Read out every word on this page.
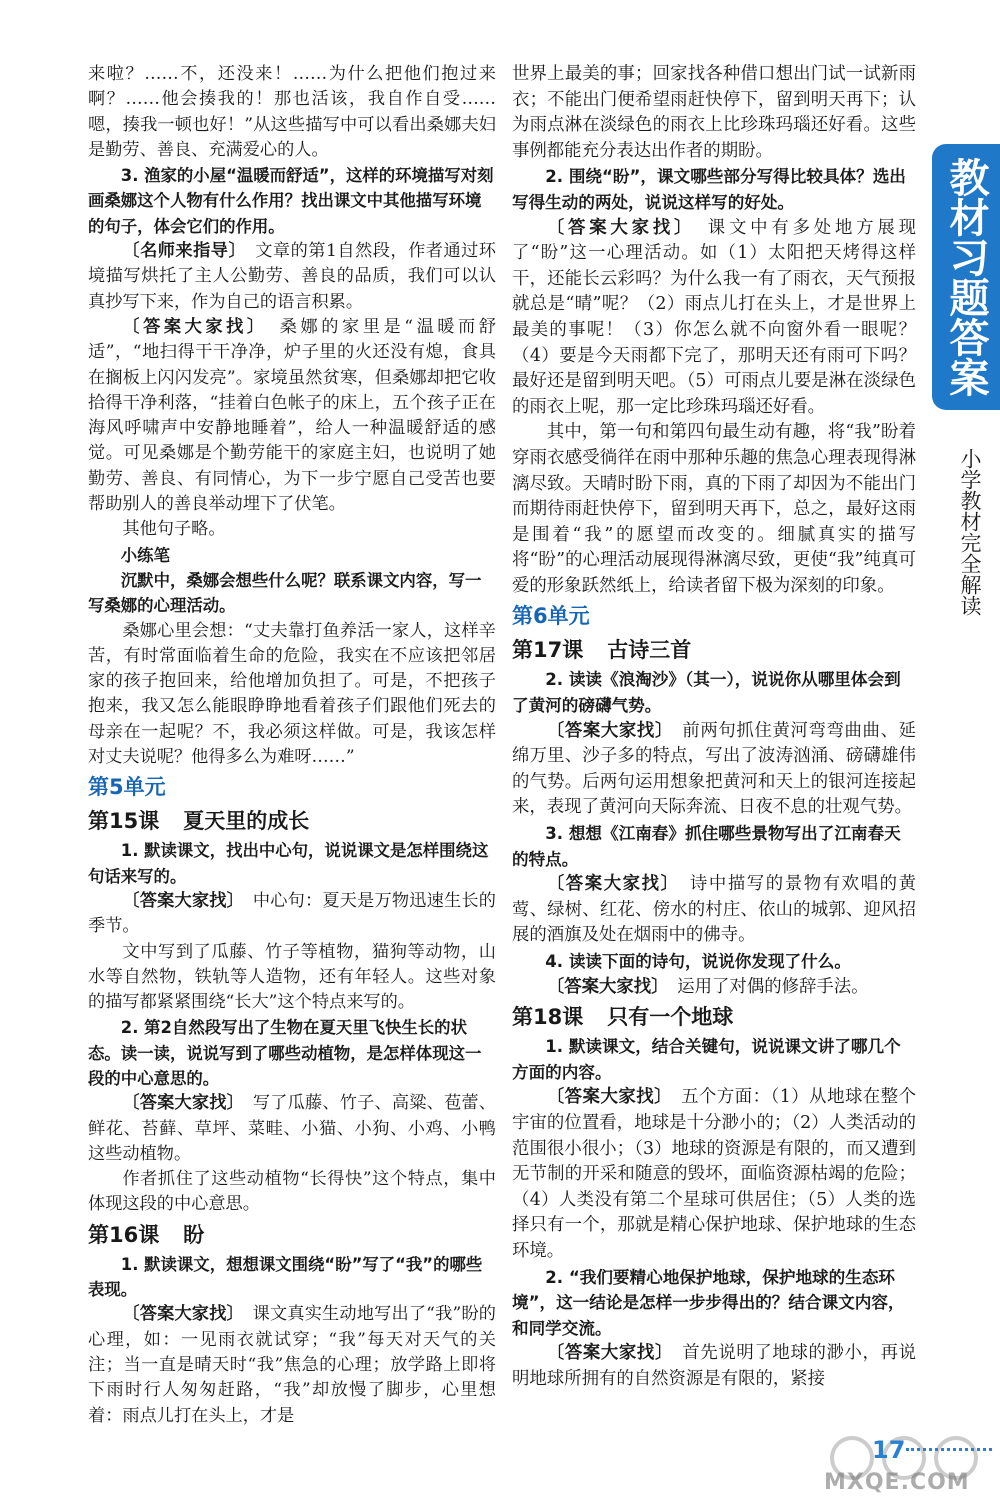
来啦？……不，还没来！……为什么把他们抱过来啊？……他会揍我的！那也活该，我自作自受……嗯，揍我一顿也好！”从这些描写中可以看出桑娜夫妇是勤劳、善良、充满爱心的人。

3. 渔家的小屋“温暖而舒适”，这样的环境描写对刻画桑娜这个人物有什么作用？找出课文中其他描写环境的句子，体会它们的作用。

〔名师来指导〕  文章的第1自然段，作者通过环境描写烘托了主人公勤劳、善良的品质，我们可以认真抄写下来，作为自己的语言积累。

〔答案大家找〕  桑娜的家里是“温暖而舒适”，“地扫得干干净净，炉子里的火还没有熄，食具在搁板上闪闪发亮”。家境虽然贫寒，但桑娜却把它收拾得干净利落，“挂着白色帐子的床上，五个孩子正在海风呼啸声中安静地睡着”，给人一种温暖舒适的感觉。可见桑娜是个勤劳能干的家庭主妇，也说明了她勤劳、善良、有同情心，为下一步宁愿自己受苦也要帮助别人的善良举动埋下了伏笔。

其他句子略。

小练笔

沉默中，桑娜会想些什么呢？联系课文内容，写一写桑娜的心理活动。

桑娜心里会想：“丈夫靠打鱼养活一家人，这样辛苦，有时常面临着生命的危险，我实在不应该把邻居家的孩子抱回来，给他增加负担了。可是，不把孩子抱来，我又怎么能眼睁睁地看着孩子们跟他们死去的母亲在一起呢？不，我必须这样做。可是，我该怎样对丈夫说呢？他得多么为难呀……”

第5单元

第15课 夏天里的成长

1. 默读课文，找出中心句，说说课文是怎样围绕这句话来写的。

〔答案大家找〕  中心句：夏天是万物迅速生长的季节。

文中写到了瓜藤、竹子等植物，猫狗等动物，山水等自然物，铁轨等人造物，还有年轻人。这些对象的描写都紧紧围绕“长大”这个特点来写的。

2. 第2自然段写出了生物在夏天里飞快生长的状态。读一读，说说写到了哪些动植物，是怎样体现这一段的中心意思的。

〔答案大家找〕  写了瓜藤、竹子、高粱、苞蕾、鲜花、苔藓、草坪、菜畦、小猫、小狗、小鸡、小鸭这些动植物。

作者抓住了这些动植物“长得快”这个特点，集中体现这段的中心意思。

第16课 盼

1. 默读课文，想想课文围绕“盼”写了“我”的哪些表现。

〔答案大家找〕  课文真实生动地写出了“我”盼的心理，如：一见雨衣就试穿；“我”每天对天气的关注；当一直是晴天时“我”焦急的心理；放学路上即将下雨时行人匆匆赶路，“我”却放慢了脚步，心里想着：雨点儿打在头上，才是

世界上最美的事；回家找各种借口想出门试一试新雨衣；不能出门便希望雨赶快停下，留到明天再下；认为雨点淋在淡绿色的雨衣上比珍珠玛瑙还好看。这些事例都能充分表达出作者的期盼。

2. 围绕“盼”，课文哪些部分写得比较具体？选出写得生动的两处，说说这样写的好处。

〔答案大家找〕  课文中有多处地方展现了“盼”这一心理活动。如（1）太阳把天烤得这样干，还能长云彩吗？为什么我一有了雨衣，天气预报就总是“晴”呢？（2）雨点儿打在头上，才是世界上最美的事呢！（3）你怎么就不向窗外看一眼呢？（4）要是今天雨都下完了，那明天还有雨可下吗？最好还是留到明天吧。（5）可雨点儿要是淋在淡绿色的雨衣上呢，那一定比珍珠玛瑙还好看。

其中，第一句和第四句最生动有趣，将“我”盼着穿雨衣感受徜徉在雨中那种乐趣的焦急心理表现得淋漓尽致。天晴时盼下雨，真的下雨了却因为不能出门而期待雨赶快停下，留到明天再下，总之，最好这雨是围着“我”的愿望而改变的。细腻真实的描写将“盼”的心理活动展现得淋漓尽致，更使“我”纯真可爱的形象跃然纸上，给读者留下极为深刻的印象。

第6单元

第17课 古诗三首

2. 读读《浪淘沙》（其一），说说你从哪里体会到了黄河的磅礴气势。

〔答案大家找〕  前两句抓住黄河弯弯曲曲、延绵万里、沙子多的特点，写出了波涛汹涌、磅礴雄伟的气势。后两句运用想象把黄河和天上的银河连接起来，表现了黄河向天际奔流、日夜不息的壮观气势。

3. 想想《江南春》抓住哪些景物写出了江南春天的特点。

〔答案大家找〕  诗中描写的景物有欢唱的黄莺、绿树、红花、傍水的村庄、依山的城郭、迎风招展的酒旗及处在烟雨中的佛寺。

4. 读读下面的诗句，说说你发现了什么。

〔答案大家找〕  运用了对偶的修辞手法。

第18课 只有一个地球

1. 默读课文，结合关键句，说说课文讲了哪几个方面的内容。

〔答案大家找〕  五个方面：（1）从地球在整个宇宙的位置看，地球是十分渺小的；（2）人类活动的范围很小很小；（3）地球的资源是有限的，而又遭到无节制的开采和随意的毁坏，面临资源枯竭的危险；（4）人类没有第二个星球可供居住；（5）人类的选择只有一个，那就是精心保护地球、保护地球的生态环境。

2. “我们要精心地保护地球，保护地球的生态环境”，这一结论是怎样一步步得出的？结合课文内容，和同学交流。

〔答案大家找〕  首先说明了地球的渺小，再说明地球所拥有的自然资源是有限的，紧接

教材习题答案
小学教材完全解读
MXQE.COM
17
